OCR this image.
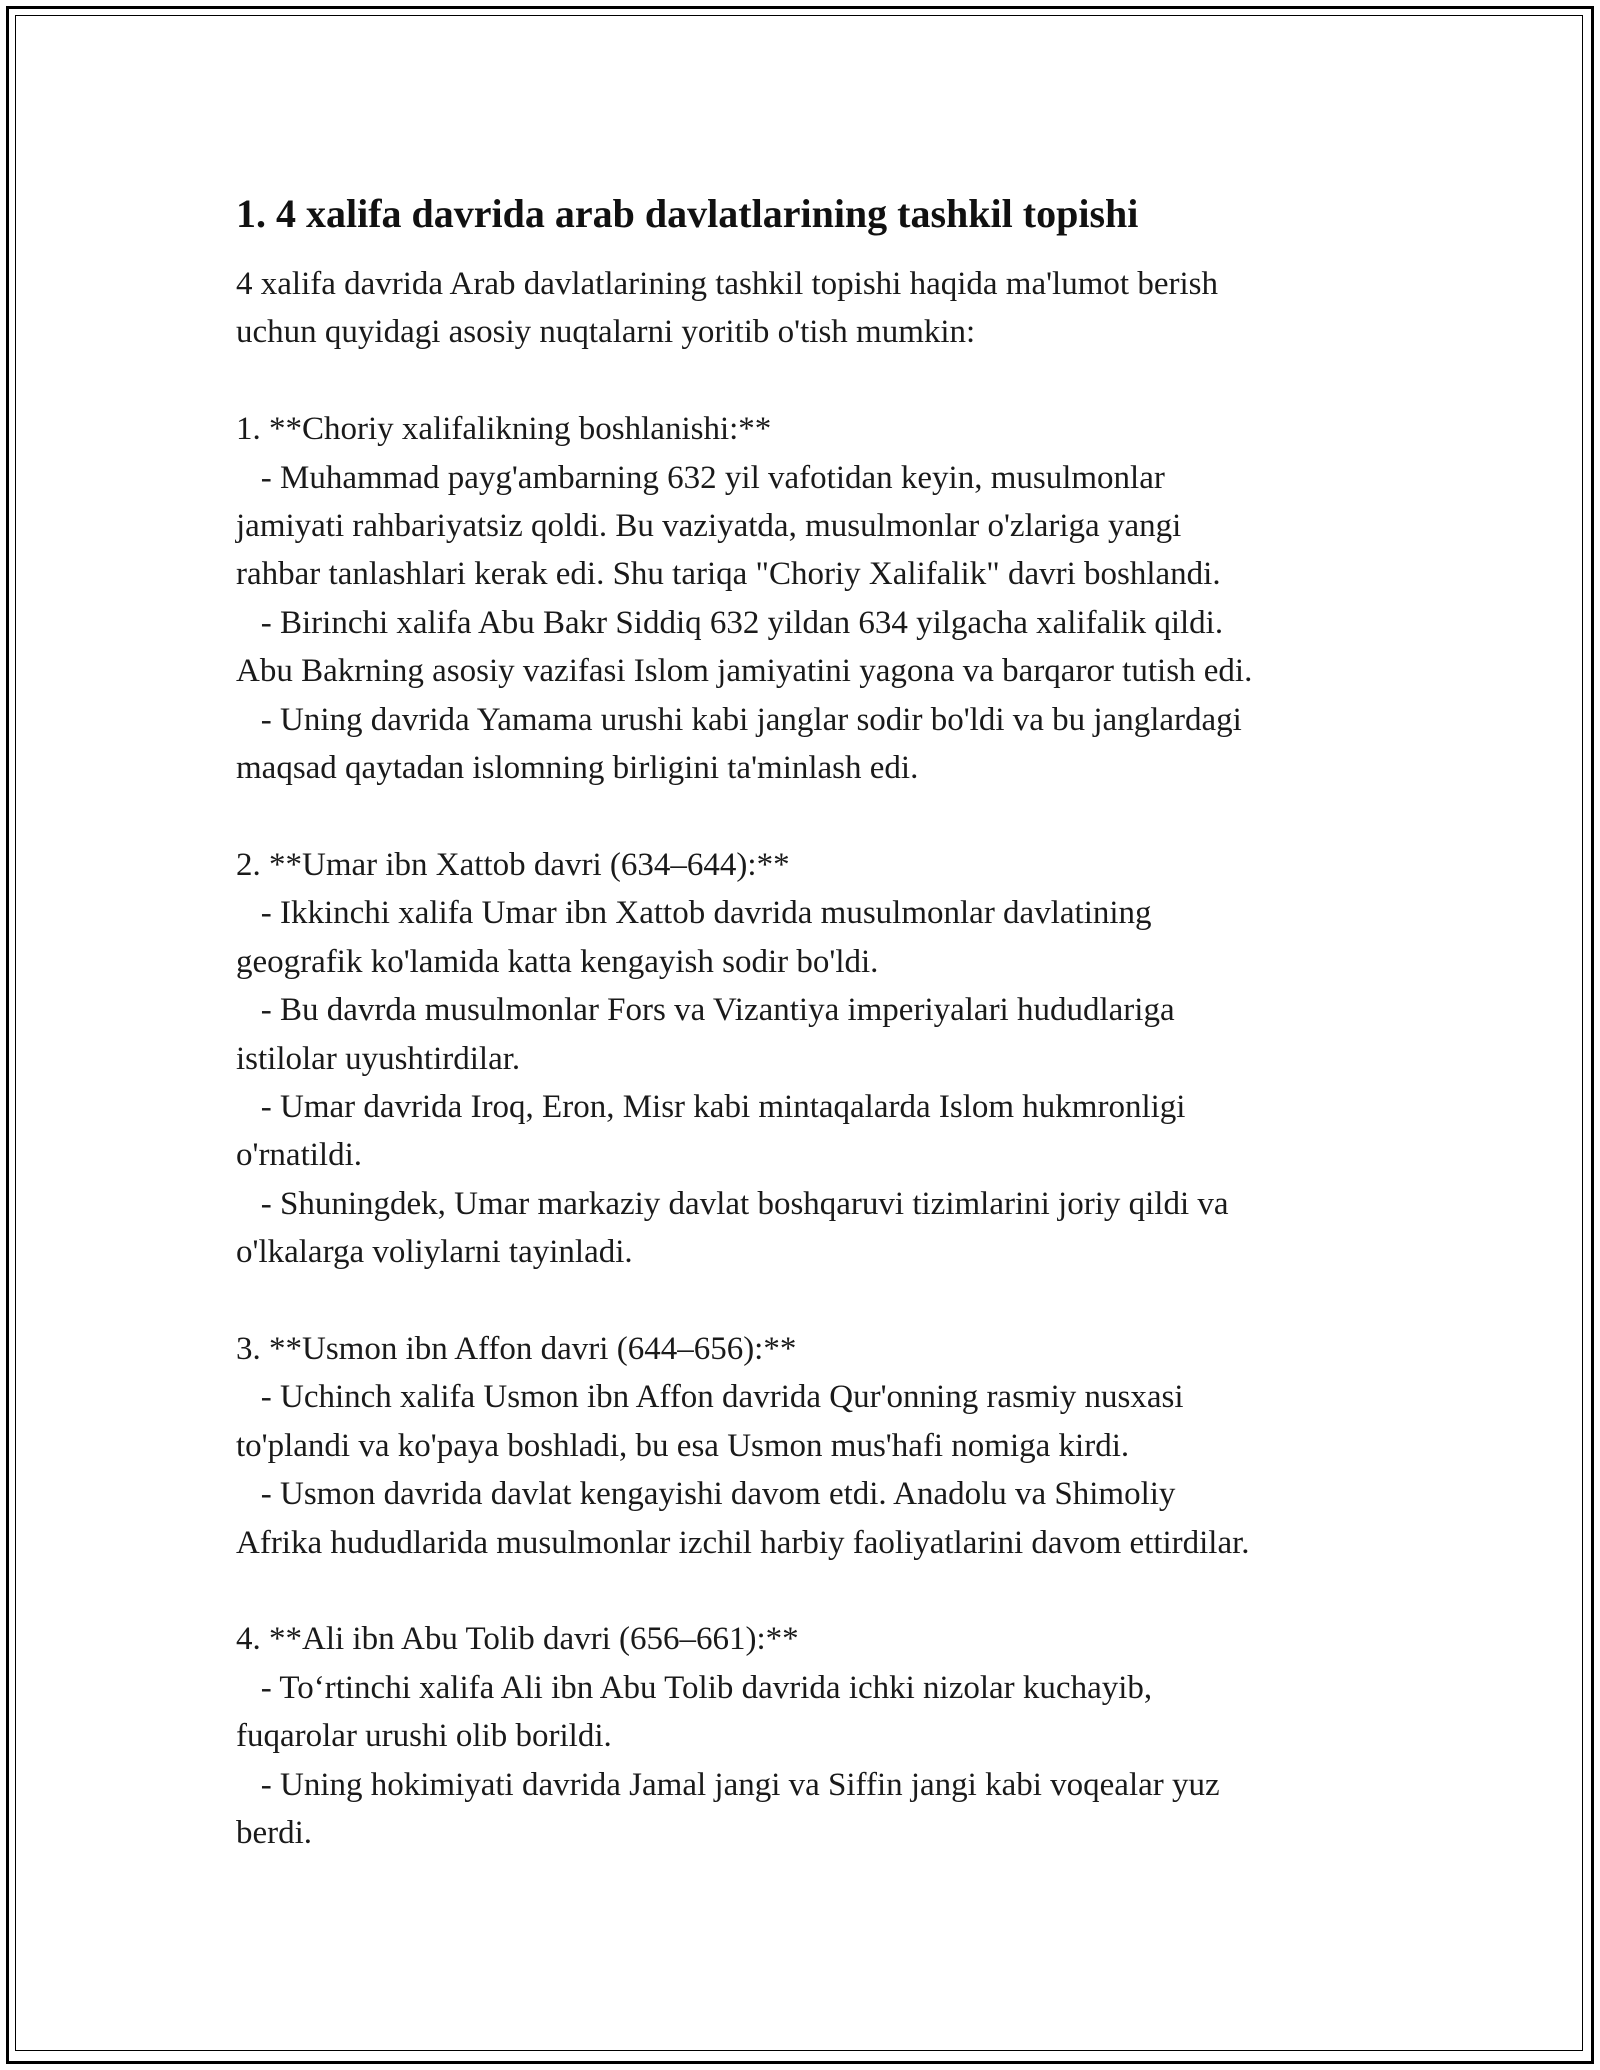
1. 4 xalifa davrida arab davlatlarining tashkil topishi

4 xalifa davrida Arab davlatlarining tashkil topishi haqida ma'lumot berish
uchun quyidagi asosiy nuqtalarni yoritib o'tish mumkin:

1. **Choriy xalifalikning boshlanishi:**
- Muhammad payg'ambarning 632 yil vafotidan keyin, musulmonlar
jamiyati rahbariyatsiz qoldi. Bu vaziyatda, musulmonlar o'zlariga yangi
rahbar tanlashlari kerak edi. Shu tariqa "Choriy Xalifalik" davri boshlandi.
- Birinchi xalifa Abu Bakr Siddiq 632 yildan 634 yilgacha xalifalik qildi.
Abu Bakrning asosiy vazifasi Islom jamiyatini yagona va barqaror tutish edi.
- Uning davrida Yamama urushi kabi janglar sodir bo'ldi va bu janglardagi
maqsad qaytadan islomning birligini ta'minlash edi.

2. **Umar ibn Xattob davri (634–644):**
- Ikkinchi xalifa Umar ibn Xattob davrida musulmonlar davlatining
geografik ko'lamida katta kengayish sodir bo'ldi.
- Bu davrda musulmonlar Fors va Vizantiya imperiyalari hududlariga
istilolar uyushtirdilar.
- Umar davrida Iroq, Eron, Misr kabi mintaqalarda Islom hukmronligi
o'rnatildi.
- Shuningdek, Umar markaziy davlat boshqaruvi tizimlarini joriy qildi va
o'lkalarga voliylarni tayinladi.

3. **Usmon ibn Affon davri (644–656):**
- Uchinch xalifa Usmon ibn Affon davrida Qur'onning rasmiy nusxasi
to'plandi va ko'paya boshladi, bu esa Usmon mus'hafi nomiga kirdi.
- Usmon davrida davlat kengayishi davom etdi. Anadolu va Shimoliy
Afrika hududlarida musulmonlar izchil harbiy faoliyatlarini davom ettirdilar.

4. **Ali ibn Abu Tolib davri (656–661):**
- To‘rtinchi xalifa Ali ibn Abu Tolib davrida ichki nizolar kuchayib,
fuqarolar urushi olib borildi.
- Uning hokimiyati davrida Jamal jangi va Siffin jangi kabi voqealar yuz
berdi.
